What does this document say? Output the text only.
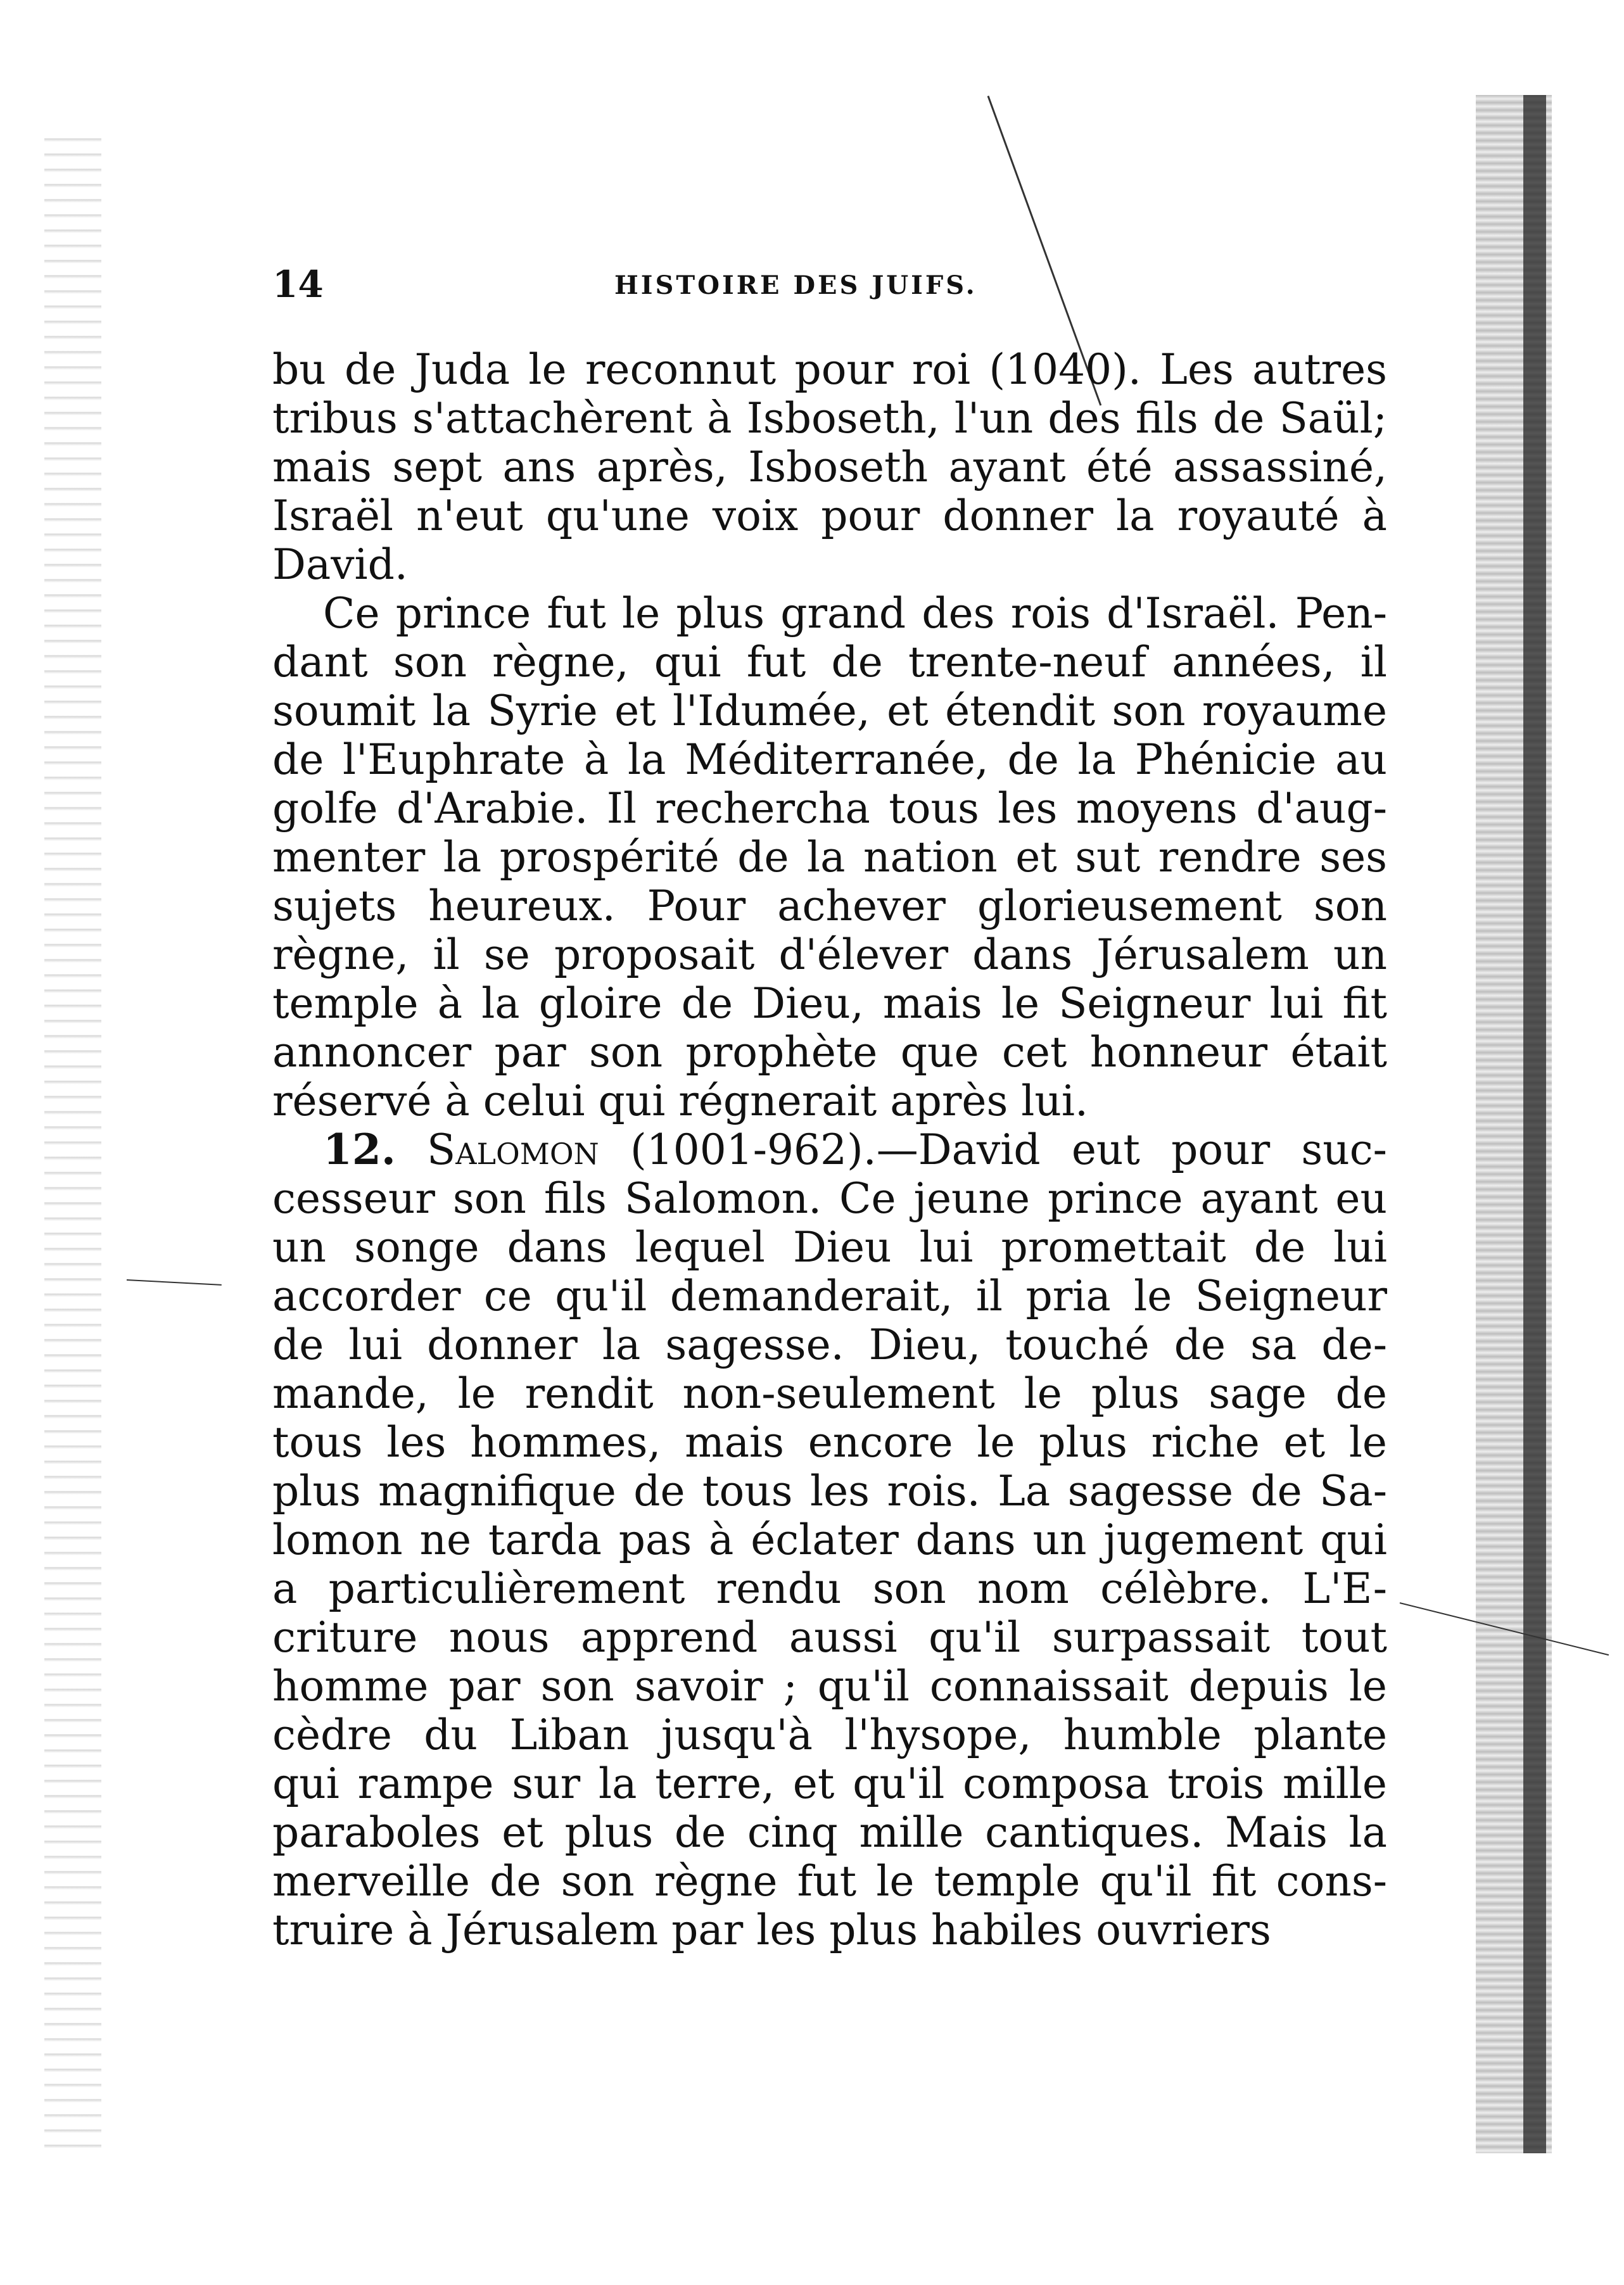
14	HISTOIRE DES JUIFS.
bu de Juda le reconnut pour roi (1040). Les autres
tribus s'attachèrent à Isboseth, l'un des fils de Saül;
mais sept ans après, Isboseth ayant été assassiné,
Israël n'eut qu'une voix pour donner la royauté à
David.
Ce prince fut le plus grand des rois d'Israël. Pen-
dant son règne, qui fut de trente-neuf années, il
soumit la Syrie et l'Idumée, et étendit son royaume
de l'Euphrate à la Méditerranée, de la Phénicie au
golfe d'Arabie. Il rechercha tous les moyens d'aug-
menter la prospérité de la nation et sut rendre ses
sujets heureux. Pour achever glorieusement son
règne, il se proposait d'élever dans Jérusalem un
temple à la gloire de Dieu, mais le Seigneur lui fit
annoncer par son prophète que cet honneur était
réservé à celui qui régnerait après lui.
12. Salomon (1001-962).—David eut pour suc-
cesseur son fils Salomon. Ce jeune prince ayant eu
un songe dans lequel Dieu lui promettait de lui
accorder ce qu'il demanderait, il pria le Seigneur
de lui donner la sagesse. Dieu, touché de sa de-
mande, le rendit non-seulement le plus sage de
tous les hommes, mais encore le plus riche et le
plus magnifique de tous les rois. La sagesse de Sa-
lomon ne tarda pas à éclater dans un jugement qui
a particulièrement rendu son nom célèbre. L'E-
criture nous apprend aussi qu'il surpassait tout
homme par son savoir ; qu'il connaissait depuis le
cèdre du Liban jusqu'à l'hysope, humble plante
qui rampe sur la terre, et qu'il composa trois mille
paraboles et plus de cinq mille cantiques. Mais la
merveille de son règne fut le temple qu'il fit cons-
truire à Jérusalem par les plus habiles ouvriers
